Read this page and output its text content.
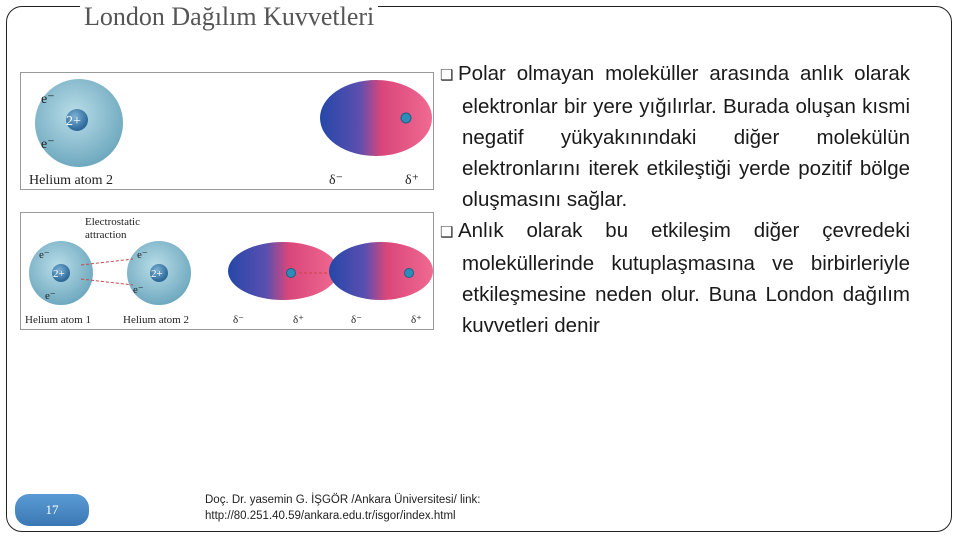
London Dağılım Kuvvetleri
2+
e⁻
e⁻
Helium atom 2	δ⁻	δ⁺
Electrostatic
attraction
2+	2+
e⁻
e⁻
e⁻
e⁻
Helium atom 1	Helium atom 2	δ⁻	δ⁺	δ⁻	δ⁺

❑ Polar olmayan moleküller arasında anlık olarak elektronlar bir yere yığılırlar. Burada oluşan kısmi negatif yükyakınındaki diğer molekülün elektronlarını iterek etkileştiği yerde pozitif bölge oluşmasını sağlar.

❑ Anlık olarak bu etkileşim diğer çevredeki moleküllerinde kutuplaşmasına ve birbirleriyle etkileşmesine neden olur. Buna London dağılım kuvvetleri denir

17
Doç. Dr. yasemin G. İŞGÖR /Ankara Üniversitesi/ link:
http://80.251.40.59/ankara.edu.tr/isgor/index.html
